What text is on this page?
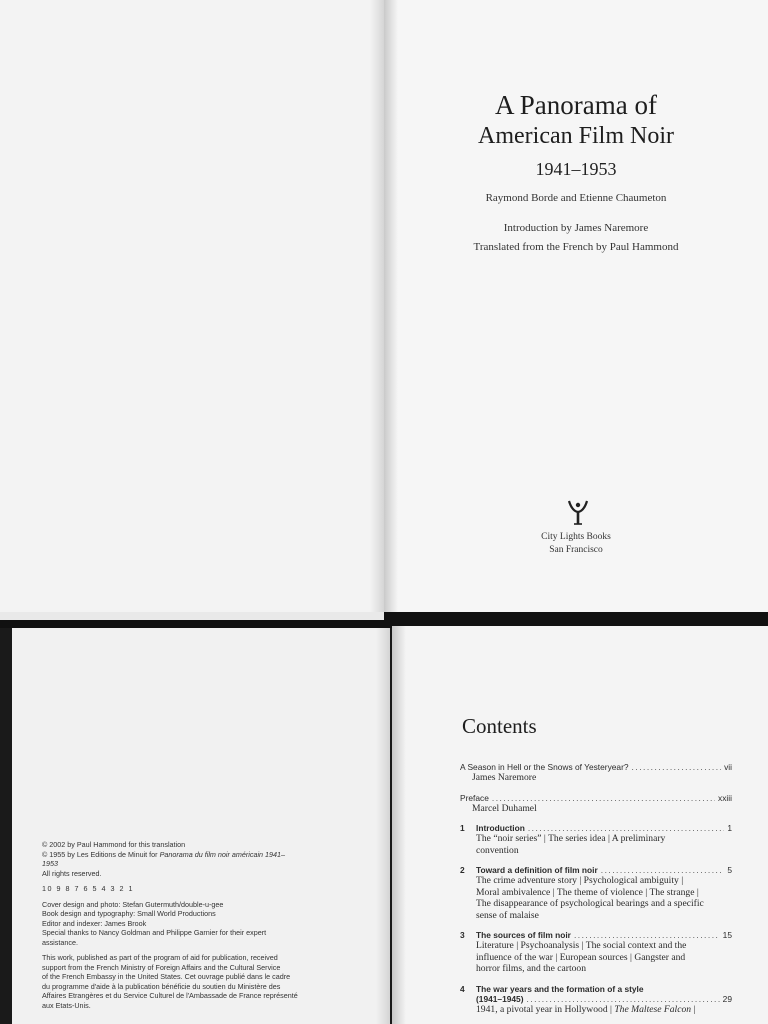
A Panorama of
American Film Noir
1941–1953
Raymond Borde and Etienne Chaumeton
Introduction by James Naremore
Translated from the French by Paul Hammond
City Lights Books
San Francisco

© 2002 by Paul Hammond for this translation

© 1955 by Les Editions de Minuit for Panorama du film noir américain 1941–

1953

All rights reserved.

10 9 8 7 6 5 4 3 2 1

Cover design and photo: Stefan Gutermuth/double-u-gee

Book design and typography: Small World Productions

Editor and indexer: James Brook

Special thanks to Nancy Goldman and Philippe Garnier for their expert

assistance.

This work, published as part of the program of aid for publication, received

support from the French Ministry of Foreign Affairs and the Cultural Service

of the French Embassy in the United States. Cet ouvrage publié dans le cadre

du programme d'aide à la publication bénéficie du soutien du Ministère des

Affaires Etrangères et du Service Culturel de l'Ambassade de France représenté

aux Etats-Unis.

Contents
A Season in Hell or the Snows of Yesteryear? .....	vii
James Naremore
Preface .....	xxiii
Marcel Duhamel
1	Introduction .....	1
The “noir series” | The series idea | A preliminary
convention
2	Toward a definition of film noir .....	5
The crime adventure story | Psychological ambiguity |
Moral ambivalence | The theme of violence | The strange |
The disappearance of psychological bearings and a specific
sense of malaise
3	The sources of film noir .....	15
Literature | Psychoanalysis | The social context and the
influence of the war | European sources | Gangster and
horror films, and the cartoon
4	The war years and the formation of a style
(1941–1945) .....	29
1941, a pivotal year in Hollywood | The Maltese Falcon |
